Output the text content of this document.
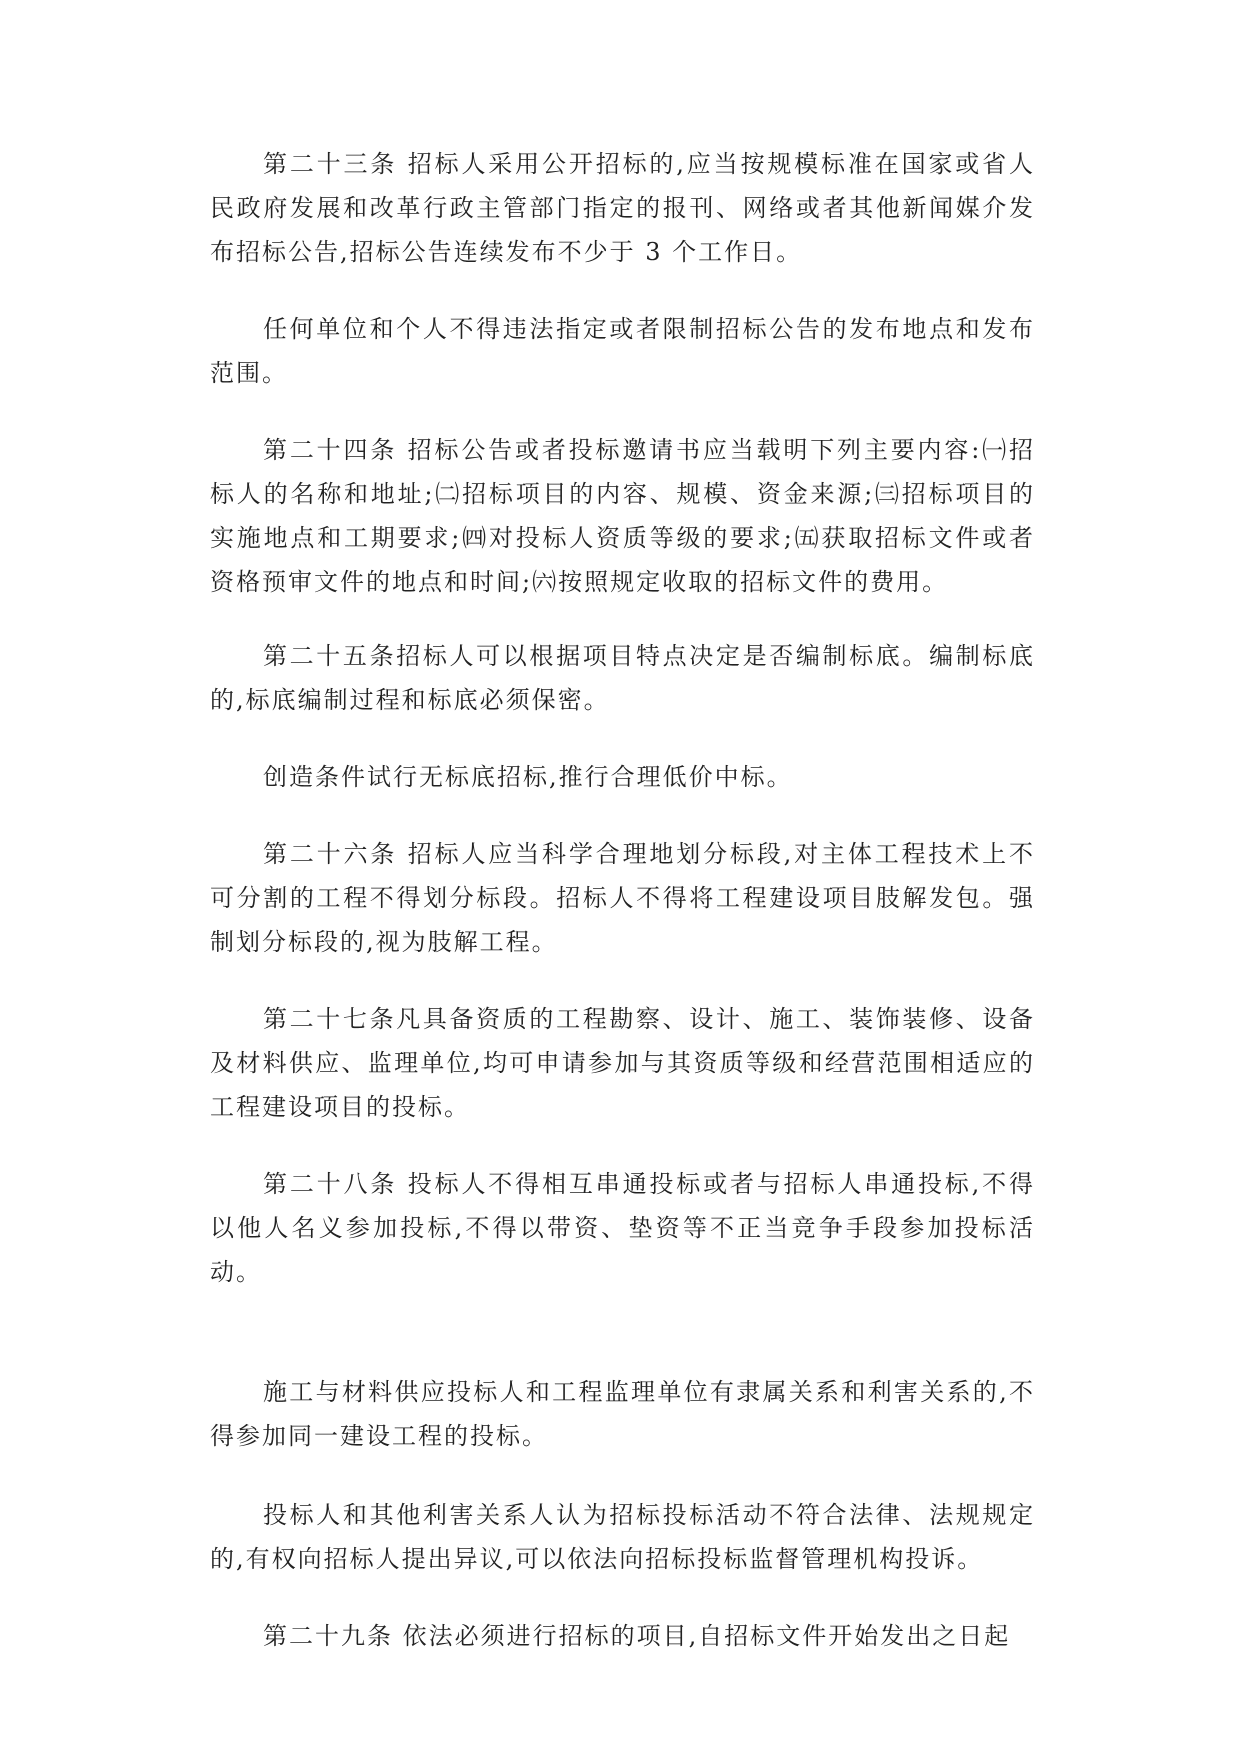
第二十三条 招标人采用公开招标的,应当按规模标准在国家或省人民政府发展和改革行政主管部门指定的报刊、网络或者其他新闻媒介发布招标公告,招标公告连续发布不少于 3 个工作日。

任何单位和个人不得违法指定或者限制招标公告的发布地点和发布范围。

第二十四条 招标公告或者投标邀请书应当载明下列主要内容:㈠招标人的名称和地址;㈡招标项目的内容、规模、资金来源;㈢招标项目的实施地点和工期要求;㈣对投标人资质等级的要求;㈤获取招标文件或者资格预审文件的地点和时间;㈥按照规定收取的招标文件的费用。

第二十五条招标人可以根据项目特点决定是否编制标底。编制标底的,标底编制过程和标底必须保密。

创造条件试行无标底招标,推行合理低价中标。

第二十六条 招标人应当科学合理地划分标段,对主体工程技术上不可分割的工程不得划分标段。招标人不得将工程建设项目肢解发包。强制划分标段的,视为肢解工程。

第二十七条凡具备资质的工程勘察、设计、施工、装饰装修、设备及材料供应、监理单位,均可申请参加与其资质等级和经营范围相适应的工程建设项目的投标。

第二十八条 投标人不得相互串通投标或者与招标人串通投标,不得以他人名义参加投标,不得以带资、垫资等不正当竞争手段参加投标活动。

施工与材料供应投标人和工程监理单位有隶属关系和利害关系的,不得参加同一建设工程的投标。

投标人和其他利害关系人认为招标投标活动不符合法律、法规规定的,有权向招标人提出异议,可以依法向招标投标监督管理机构投诉。

第二十九条 依法必须进行招标的项目,自招标文件开始发出之日起
